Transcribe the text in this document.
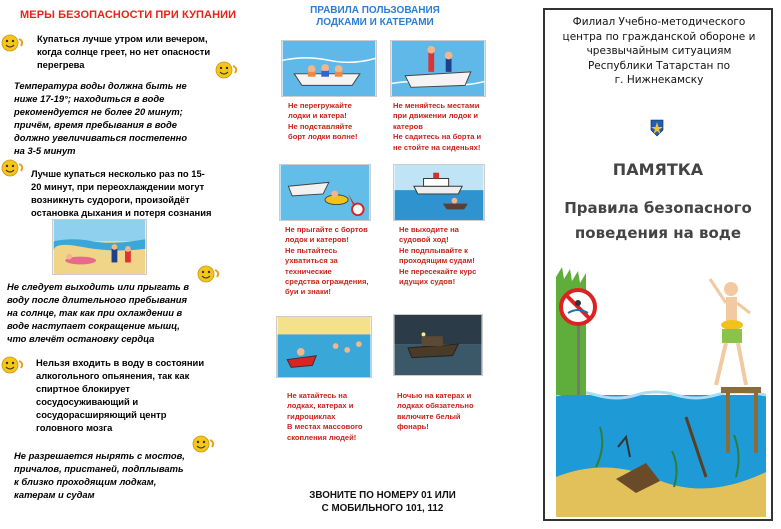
МЕРЫ БЕЗОПАСНОСТИ ПРИ КУПАНИИ
Купаться лучше утром или вечером,
когда солнце греет, но нет опасности
перегрева
Температура воды должна быть не
ниже 17-19°; находиться в воде
рекомендуется не более 20 минут;
причём, время пребывания в воде
должно увеличиваться постепенно
на 3-5 минут
Лучше купаться несколько раз по 15-
20 минут, при переохлаждении могут
возникнуть судороги, произойдёт
остановка дыхания и потеря сознания
Не следует выходить или прыгать в
воду после длительного пребывания
на солнце, так как при охлаждении в
воде наступает сокращение мышц,
что влечёт остановку сердца
Нельзя входить в воду в состоянии
алкогольного опьянения, так как
спиртное блокирует
сосудосуживающий и
сосудорасширяющий центр
головного мозга
Не разрешается нырять с мостов,
причалов, пристаней, подплывать
к близко проходящим лодкам,
катерам и судам
ПРАВИЛА ПОЛЬЗОВАНИЯ
ЛОДКАМИ И КАТЕРАМИ
Не перегружайте
лодки и катера!
Не подставляйте
борт лодки волне!
Не меняйтесь местами
при движении лодок и
катеров
Не садитесь на борта и
не стойте на сиденьях!
Не прыгайте с бортов
лодок и катеров!
Не пытайтесь
ухватиться за
технические
средства ограждения,
буи и знаки!
Не выходите на
судовой ход!
Не подплывайте к
проходящим судам!
Не пересекайте курс
идущих судов!
Не катайтесь на
лодках, катерах и
гидроциклах
В местах массового
скопления людей!
Ночью на катерах и
лодках обязательно
включите белый
фонарь!
ЗВОНИТЕ ПО НОМЕРУ 01 ИЛИ
С МОБИЛЬНОГО 101, 112
Филиал Учебно-методического
центра по гражданской обороне и
чрезвычайным ситуациям
Республики Татарстан по
г. Нижнекамску
ПАМЯТКА
Правила безопасного
поведения на воде
